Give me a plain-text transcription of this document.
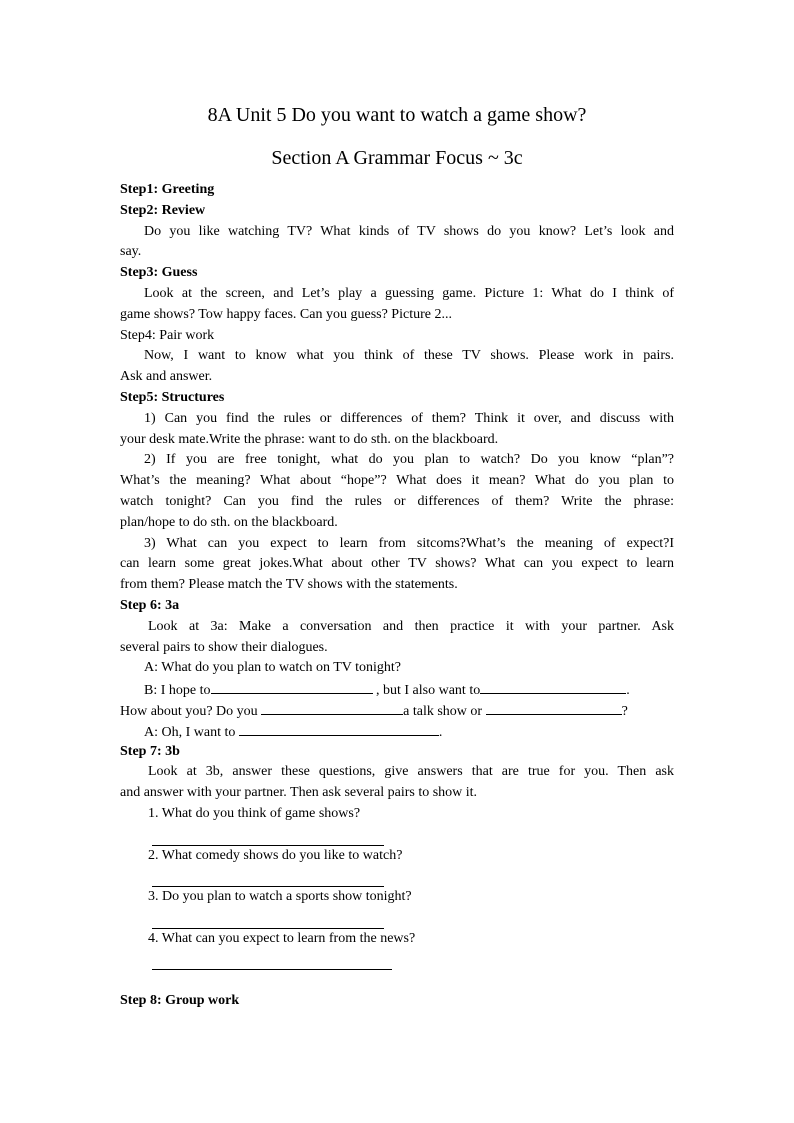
8A Unit 5 Do you want to watch a game show?
Section A Grammar Focus ~ 3c
Step1: Greeting
Step2: Review
Do you like watching TV? What kinds of TV shows do you know? Let’s look and
say.
Step3: Guess
Look at the screen, and Let’s play a guessing game. Picture 1: What do I think of
game shows? Tow happy faces. Can you guess? Picture 2...
Step4: Pair work
Now, I want to know what you think of these TV shows. Please work in pairs.
Ask and answer.
Step5: Structures
1) Can you find the rules or differences of them? Think it over, and discuss with
your desk mate.Write the phrase: want to do sth. on the blackboard.
2) If you are free tonight, what do you plan to watch? Do you know “plan”?
What’s the meaning? What about “hope”? What does it mean? What do you plan to
watch tonight? Can you find the rules or differences of them? Write the phrase:
plan/hope to do sth. on the blackboard.
3) What can you expect to learn from sitcoms?What’s the meaning of expect?I
can learn some great jokes.What about other TV shows? What can you expect to learn
from them? Please match the TV shows with the statements.
Step 6: 3a
Look at 3a: Make a conversation and then practice it with your partner. Ask
several pairs to show their dialogues.
A: What do you plan to watch on TV tonight?
B: I hope to	, but I also want to	.
How about you? Do you	a talk show or	?
A: Oh, I want to	.
Step 7: 3b
Look at 3b, answer these questions, give answers that are true for you. Then ask
and answer with your partner. Then ask several pairs to show it.
1. What do you think of game shows?
2. What comedy shows do you like to watch?
3. Do you plan to watch a sports show tonight?
4. What can you expect to learn from the news?
Step 8: Group work
